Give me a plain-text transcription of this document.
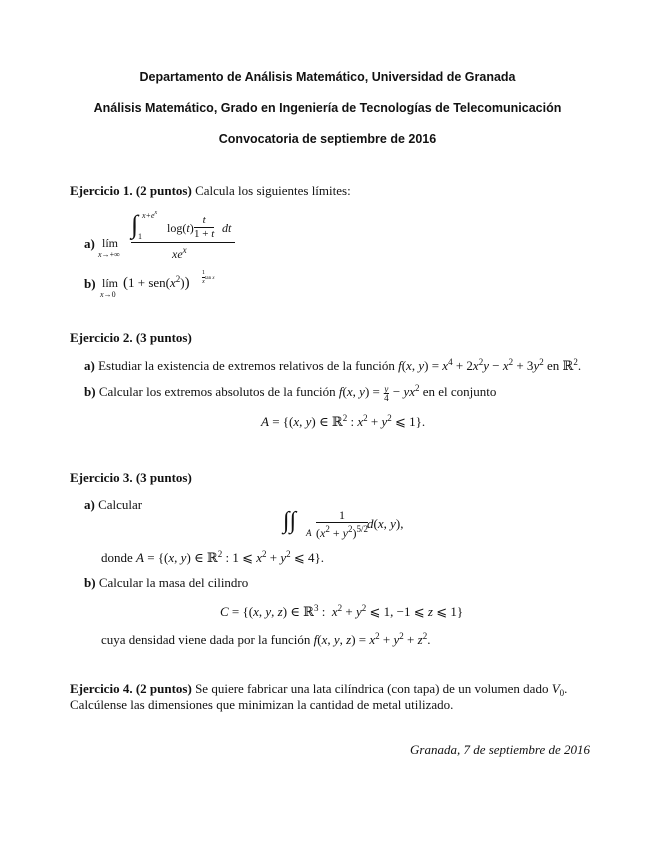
Departamento de Análisis Matemático, Universidad de Granada
Análisis Matemático, Grado en Ingeniería de Tecnologías de Telecomunicación
Convocatoria de septiembre de 2016
Ejercicio 1. (2 puntos) Calcula los siguientes límites:
a) lím
x→+∞
∫ $x+e^x$
1
$\log(t) \frac{t}{1 + t}$ dt
$xe^x$
b) lím
x→0
$(1 + sen(x^2)) \frac{1}{x}$ tan x
Ejercicio 2. (3 puntos)
a) Estudiar la existencia de extremos relativos de la función f(x, $y) = x^4 + 2x^2y - x^2 + 3y^2$ en ℝ$^2$.
b) Calcular los extremos absolutos de la función f(x, $y) = \frac{y}{4} - yx^2$ en el conjunto
A = {(x, y) ∈ ℝ$^2$ : $x^2 + y^2$ ⩽ 1}.
Ejercicio 3. (3 puntos)
a) Calcular
∫∫ A $\frac{1}{(x^2 + y^2)^{5/2}} d(x$, y),
donde A = {(x, y) ∈ ℝ$^2$ : 1 ⩽ $x^2 + y^2$ ⩽ 4}.
b) Calcular la masa del cilindro
C = {(x, y, z) ∈ ℝ$^3$ :  $x^2 + y^2$ ⩽ 1, −1 ⩽ z ⩽ 1}
cuya densidad viene dada por la función f(x, y, $z) = x^2 + y^2 + z^2$.
Ejercicio 4. (2 puntos) Se quiere fabricar una lata cilíndrica (con tapa) de un volumen dado $V_0$.
Calcúlense las dimensiones que minimizan la cantidad de metal utilizado.
Granada, 7 de septiembre de 2016
